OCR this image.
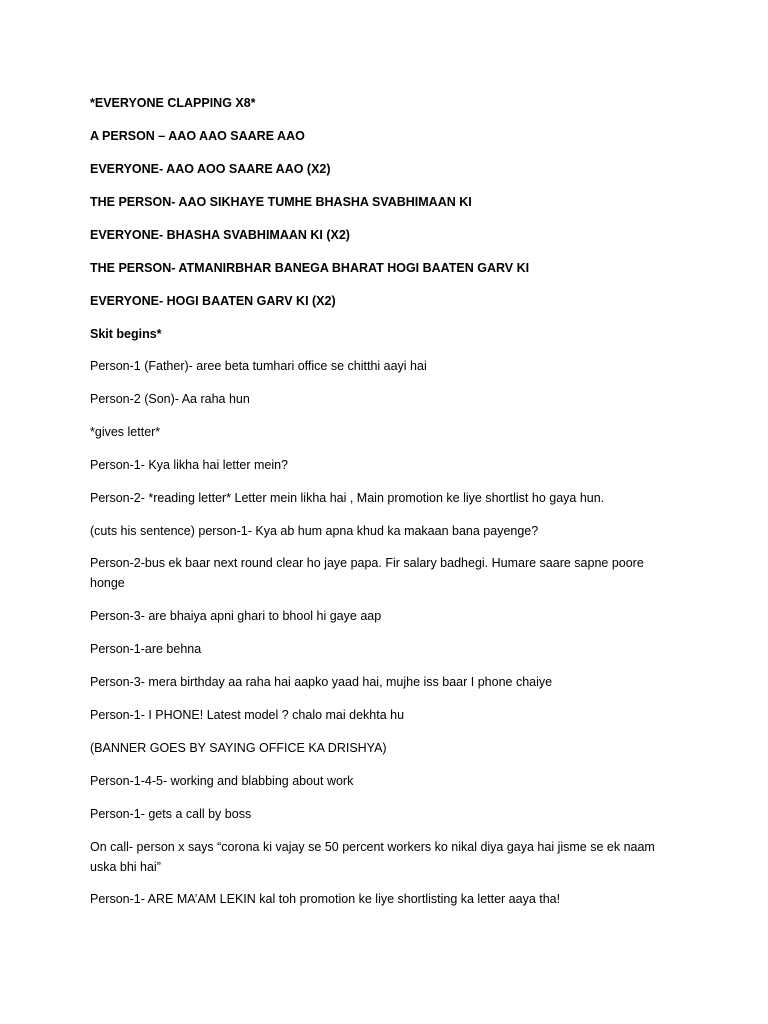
*EVERYONE CLAPPING X8*

A PERSON – AAO AAO SAARE AAO

EVERYONE- AAO AOO SAARE AAO (X2)

THE PERSON- AAO SIKHAYE TUMHE BHASHA SVABHIMAAN KI

EVERYONE- BHASHA SVABHIMAAN KI (X2)

THE PERSON- ATMANIRBHAR BANEGA BHARAT HOGI BAATEN GARV KI

EVERYONE- HOGI BAATEN GARV KI (X2)

Skit begins*

Person-1 (Father)- aree beta tumhari office se chitthi aayi hai

Person-2 (Son)- Aa raha hun

*gives letter*

Person-1- Kya likha hai letter mein?

Person-2- *reading letter* Letter mein likha hai , Main promotion ke liye shortlist ho gaya hun.

(cuts his sentence) person-1- Kya ab hum apna khud ka makaan bana payenge?

Person-2-bus ek baar next round clear ho jaye papa. Fir salary badhegi. Humare saare sapne poore honge

Person-3- are bhaiya apni ghari to bhool hi gaye aap

Person-1-are behna

Person-3- mera birthday aa raha hai aapko yaad hai, mujhe iss baar I phone chaiye

Person-1- I PHONE! Latest model ? chalo mai dekhta hu

(BANNER GOES BY SAYING OFFICE KA DRISHYA)

Person-1-4-5- working and blabbing about work

Person-1- gets a call by boss

On call- person x says “corona ki vajay se 50 percent workers ko nikal diya gaya hai jisme se ek naam uska bhi hai”

Person-1- ARE MA’AM LEKIN kal toh promotion ke liye shortlisting ka letter aaya tha!
